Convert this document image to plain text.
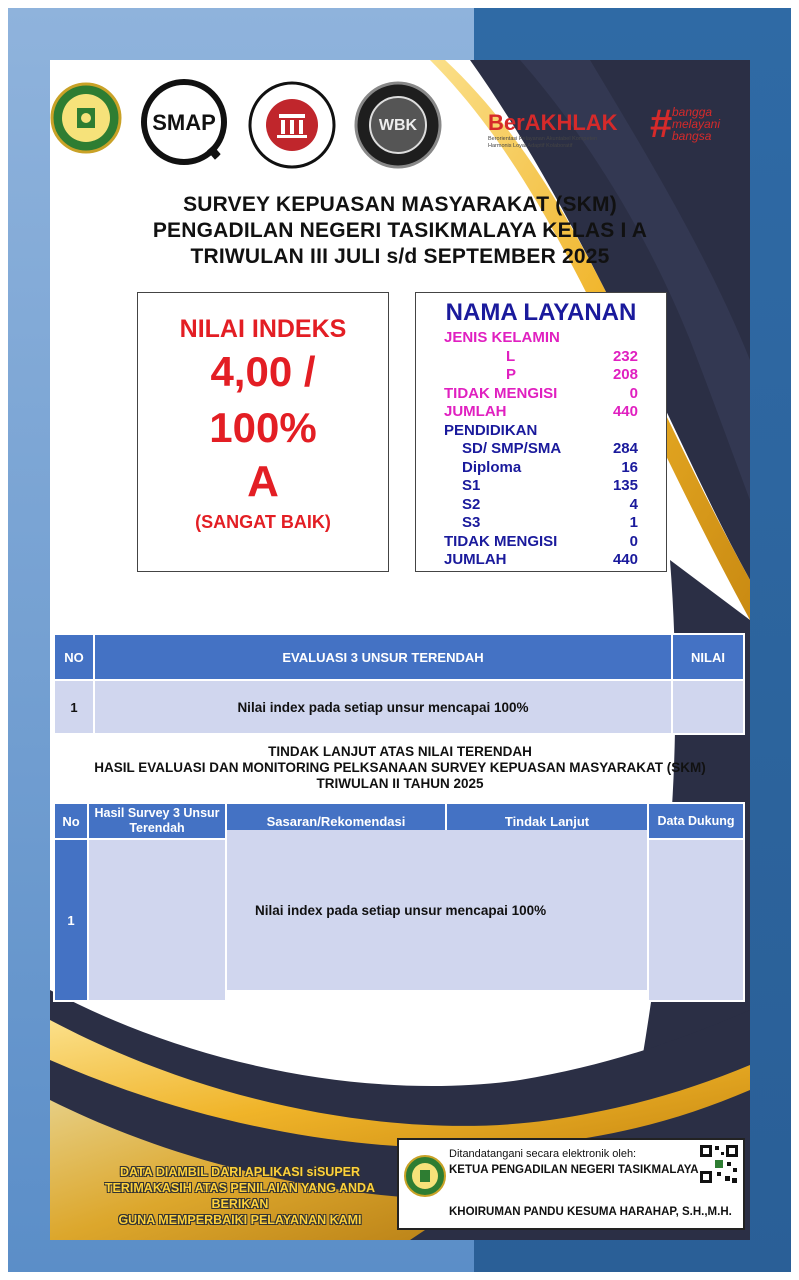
SMAP	WBK	BerAKHLAK
Berorientasi Pelayanan Akuntabel Kompeten
Harmonis Loyal Adaptif Kolaboratif	# bangga
melayani
bangsa
SURVEY KEPUASAN MASYARAKAT (SKM)
PENGADILAN NEGERI TASIKMALAYA KELAS I A
TRIWULAN III JULI s/d SEPTEMBER 2025
NILAI INDEKS
4,00 /
100%
A
(SANGAT BAIK)
NAMA LAYANAN
JENIS KELAMIN
L	232
P	208
TIDAK MENGISI	0
JUMLAH	440
PENDIDIKAN
SD/ SMP/SMA	284
Diploma	16
S1	135
S2	4
S3	1
TIDAK MENGISI	0
JUMLAH	440
NO	EVALUASI 3 UNSUR TERENDAH	NILAI
1	Nilai index pada setiap unsur mencapai 100%	
TINDAK LANJUT ATAS NILAI TERENDAH
HASIL EVALUASI DAN MONITORING PELKSANAAN SURVEY KEPUASAN MASYARAKAT (SKM)
TRIWULAN II TAHUN 2025
No	Hasil Survey 3 Unsur Terendah	Sasaran/Rekomendasi	Tindak Lanjut	Data Dukung
1		Nilai index pada setiap unsur mencapai 100%		
DATA DIAMBIL DARI APLIKASI siSUPER
TERIMAKASIH ATAS PENILAIAN YANG ANDA BERIKAN
GUNA MEMPERBAIKI PELAYANAN KAMI
Ditandatangani secara elektronik oleh:
KETUA PENGADILAN NEGERI TASIKMALAYA
KHOIRUMAN PANDU KESUMA HARAHAP, S.H.,M.H.
